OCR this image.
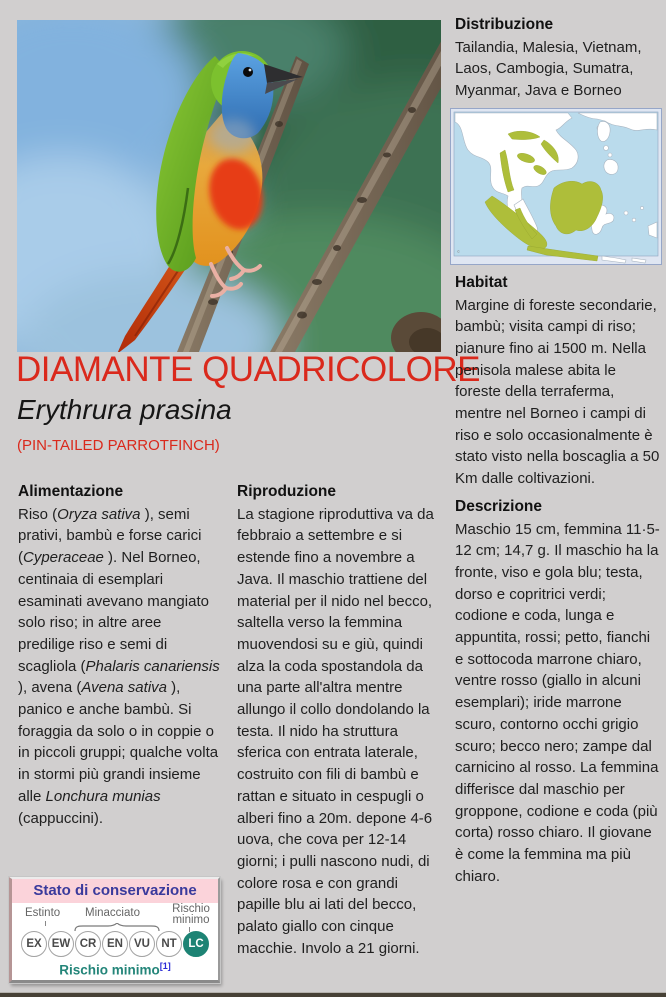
DIAMANTE QUADRICOLORE
Erythrura prasina
(PIN-TAILED PARROTFINCH)
Alimentazione

Riso (Oryza sativa ), semi prativi, bambù e forse carici (Cyperaceae ). Nel Borneo, centinaia di esemplari esaminati avevano mangiato solo riso; in altre aree predilige riso e semi di scagliola (Phalaris canariensis ), avena (Avena sativa ), panico e anche bambù. Si foraggia da solo o in coppie o in piccoli gruppi; qualche volta in stormi più grandi insieme alle Lonchura munias (cappuccini).

Riproduzione

La stagione riproduttiva va da febbraio a settembre e si estende fino a novembre a Java. Il maschio trattiene del material per il nido nel becco, saltella verso la femmina muovendosi su e giù, quindi alza la coda spostandola da una parte all'altra mentre allungo il collo dondolando la testa. Il nido ha struttura sferica con entrata laterale, costruito con fili di bambù e rattan e situato in cespugli o alberi fino a 20m. depone 4-6 uova, che cova per 12-14 giorni; i pulli nascono nudi, di colore rosa e con grandi papille blu ai lati del becco, palato giallo con cinque macchie. Involo a 21 giorni.

Distribuzione

Tailandia, Malesia, Vietnam, Laos, Cambogia, Sumatra, Myanmar, Java e Borneo

©
Habitat

Margine di foreste secondarie, bambù; visita campi di riso; pianure fino ai 1500 m. Nella penisola malese abita le foreste della terraferma, mentre nel Borneo i campi di riso e solo occasionalmente è stato visto nella boscaglia a 50 Km dalle coltivazioni.

Descrizione

Maschio 15 cm, femmina 11·5-12 cm; 14,7 g. Il maschio ha la fronte, viso e gola blu; testa, dorso e copritrici verdi; codione e coda, lunga e appuntita, rossi; petto, fianchi e sottocoda marrone chiaro, ventre rosso (giallo in alcuni esemplari); iride marrone scuro, contorno occhi grigio scuro; becco nero; zampe dal carnicino al rosso. La femmina differisce dal maschio per groppone, codione e coda (più corta) rosso chiaro. Il giovane è come la femmina ma più chiaro.

Stato di conservazione
Estinto Minacciato	Rischio minimo
EX EW CR EN VU NT	LC
Rischio minimo[1]
